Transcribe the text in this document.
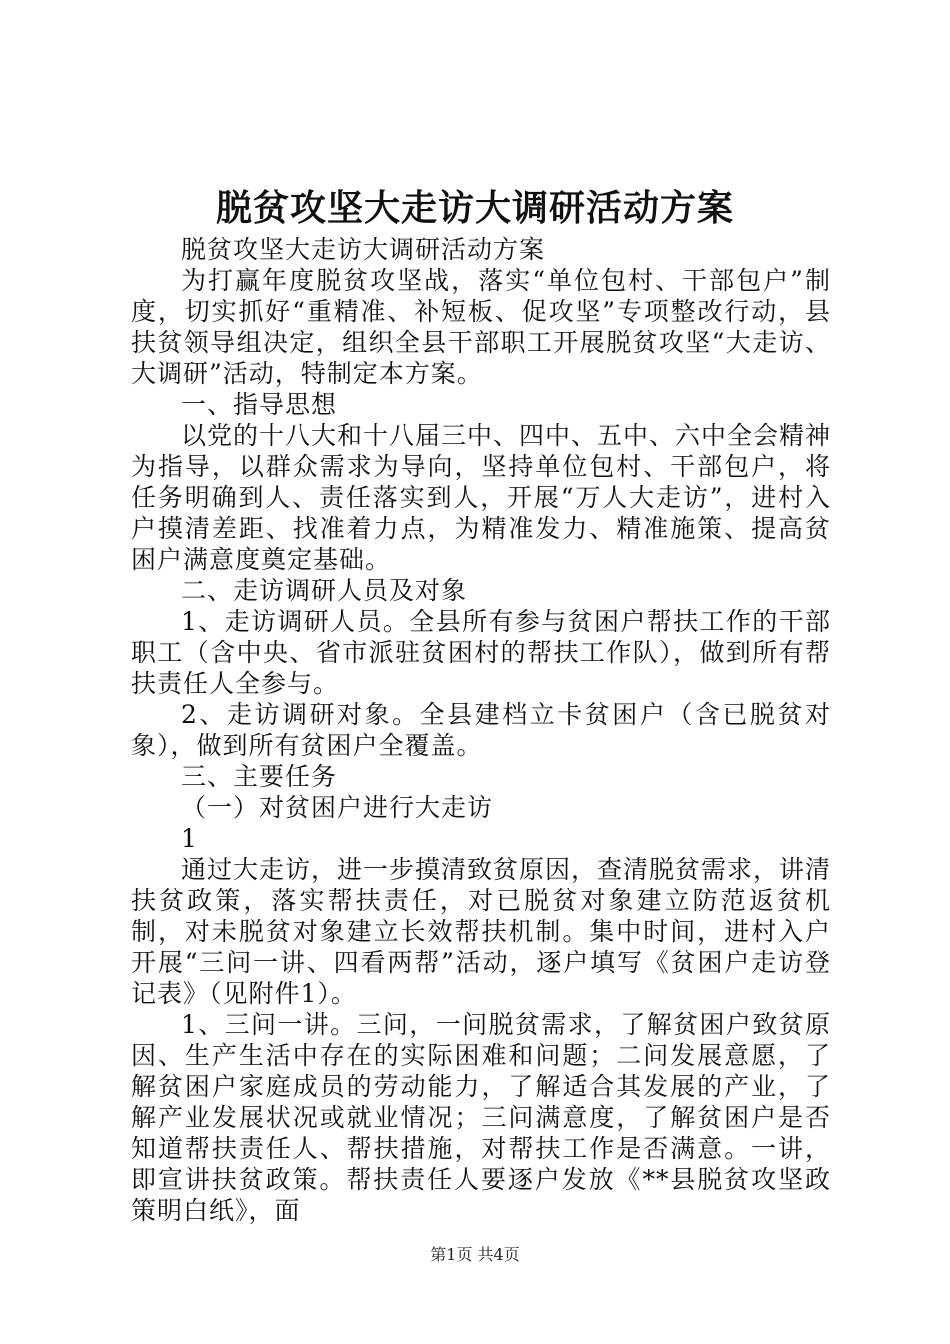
脱贫攻坚大走访大调研活动方案

脱贫攻坚大走访大调研活动方案

为打赢年度脱贫攻坚战，落实“单位包村、干部包户”制度，切实抓好“重精准、补短板、促攻坚”专项整改行动，县扶贫领导组决定，组织全县干部职工开展脱贫攻坚“大走访、大调研”活动，特制定本方案。

一、指导思想

以党的十八大和十八届三中、四中、五中、六中全会精神为指导，以群众需求为导向，坚持单位包村、干部包户，将任务明确到人、责任落实到人，开展“万人大走访”，进村入户摸清差距、找准着力点，为精准发力、精准施策、提高贫困户满意度奠定基础。

二、走访调研人员及对象

1、走访调研人员。全县所有参与贫困户帮扶工作的干部职工（含中央、省市派驻贫困村的帮扶工作队），做到所有帮扶责任人全参与。

2、走访调研对象。全县建档立卡贫困户（含已脱贫对象），做到所有贫困户全覆盖。

三、主要任务

（一）对贫困户进行大走访

1

通过大走访，进一步摸清致贫原因，查清脱贫需求，讲清扶贫政策，落实帮扶责任，对已脱贫对象建立防范返贫机制，对未脱贫对象建立长效帮扶机制。集中时间，进村入户开展“三问一讲、四看两帮”活动，逐户填写《贫困户走访登记表》（见附件1）。

1、三问一讲。三问，一问脱贫需求，了解贫困户致贫原因、生产生活中存在的实际困难和问题；二问发展意愿，了解贫困户家庭成员的劳动能力，了解适合其发展的产业，了解产业发展状况或就业情况；三问满意度，了解贫困户是否知道帮扶责任人、帮扶措施，对帮扶工作是否满意。一讲，即宣讲扶贫政策。帮扶责任人要逐户发放《**县脱贫攻坚政策明白纸》，面

第1页 共4页
